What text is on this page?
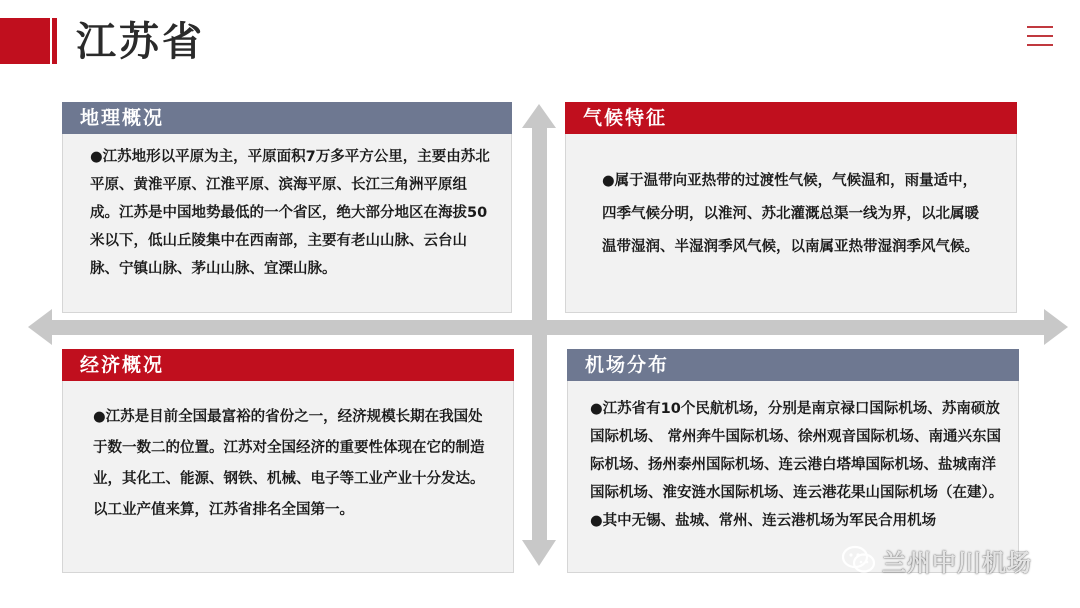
江苏省
地理概况

●江苏地形以平原为主，平原面积7万多平方公里，主要由苏北平原、黄淮平原、江淮平原、滨海平原、长江三角洲平原组成。江苏是中国地势最低的一个省区，绝大部分地区在海拔50米以下，低山丘陵集中在西南部，主要有老山山脉、云台山脉、宁镇山脉、茅山山脉、宜溧山脉。

气候特征

●属于温带向亚热带的过渡性气候，气候温和，雨量适中，四季气候分明，以淮河、苏北灌溉总渠一线为界，以北属暖温带湿润、半湿润季风气候，以南属亚热带湿润季风气候。

经济概况

●江苏是目前全国最富裕的省份之一，经济规模长期在我国处于数一数二的位置。江苏对全国经济的重要性体现在它的制造业，其化工、能源、钢铁、机械、电子等工业产业十分发达。以工业产值来算，江苏省排名全国第一。

机场分布

●江苏省有10个民航机场，分别是南京禄口国际机场、苏南硕放国际机场、 常州奔牛国际机场、徐州观音国际机场、南通兴东国际机场、扬州泰州国际机场、连云港白塔埠国际机场、盐城南洋国际机场、淮安涟水国际机场、连云港花果山国际机场（在建）。

●其中无锡、盐城、常州、连云港机场为军民合用机场

兰州中川机场
